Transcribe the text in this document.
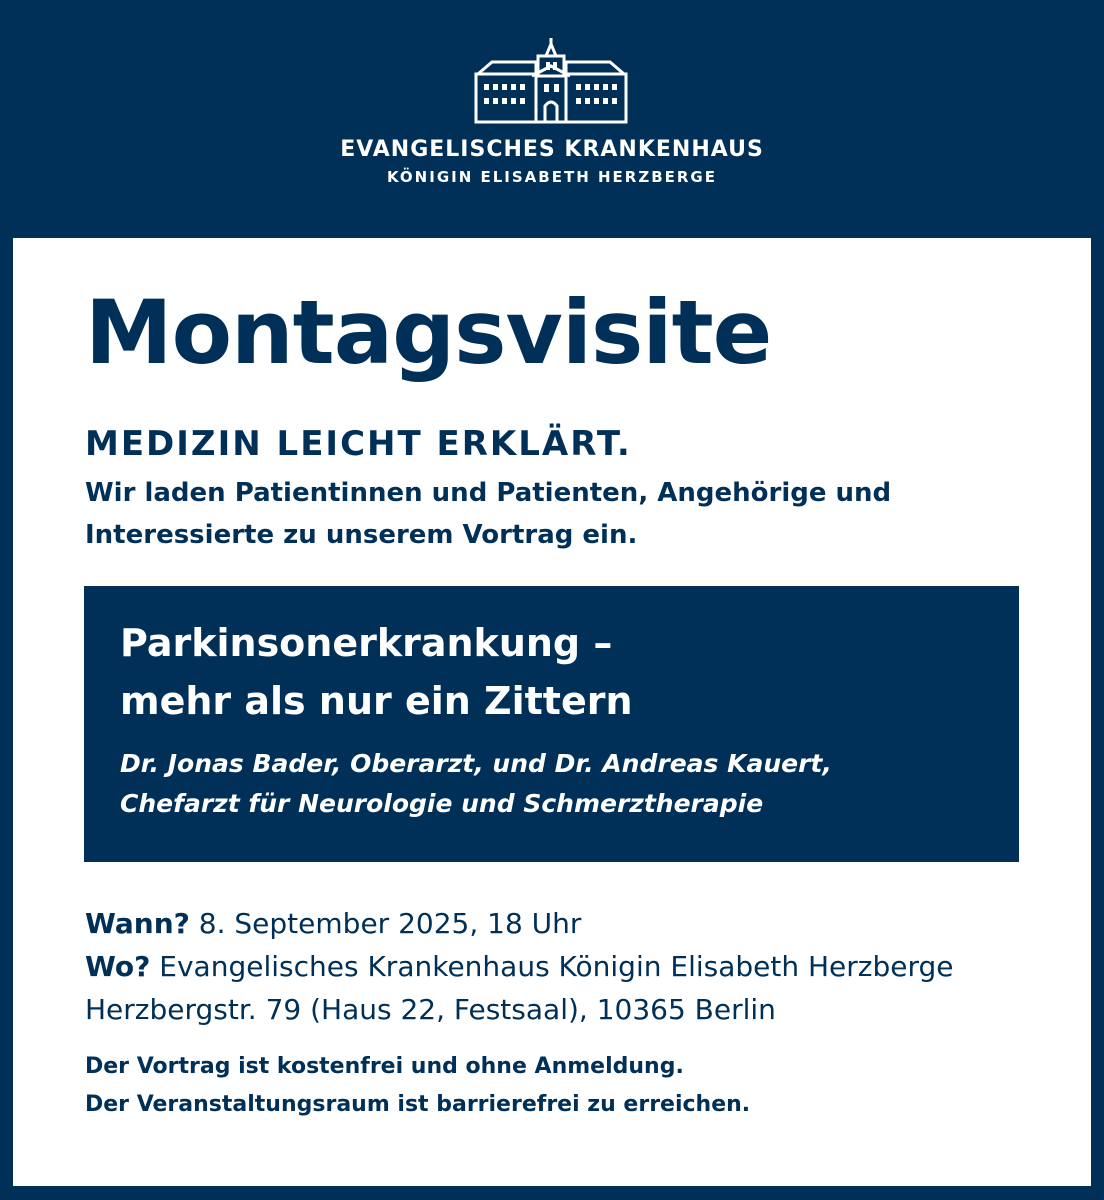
EVANGELISCHES KRANKENHAUS
KÖNIGIN ELISABETH HERZBERGE
Montagsvisite
MEDIZIN LEICHT ERKLÄRT.

Wir laden Patientinnen und Patienten, Angehörige und
Interessierte zu unserem Vortrag ein.

Parkinsonerkrankung –
mehr als nur ein Zittern

Dr. Jonas Bader, Oberarzt, und Dr. Andreas Kauert,
Chefarzt für Neurologie und Schmerztherapie

Wann? 8. September 2025, 18 Uhr
Wo? Evangelisches Krankenhaus Königin Elisabeth Herzberge
Herzbergstr. 79 (Haus 22, Festsaal), 10365 Berlin
Der Vortrag ist kostenfrei und ohne Anmeldung.
Der Veranstaltungsraum ist barrierefrei zu erreichen.
